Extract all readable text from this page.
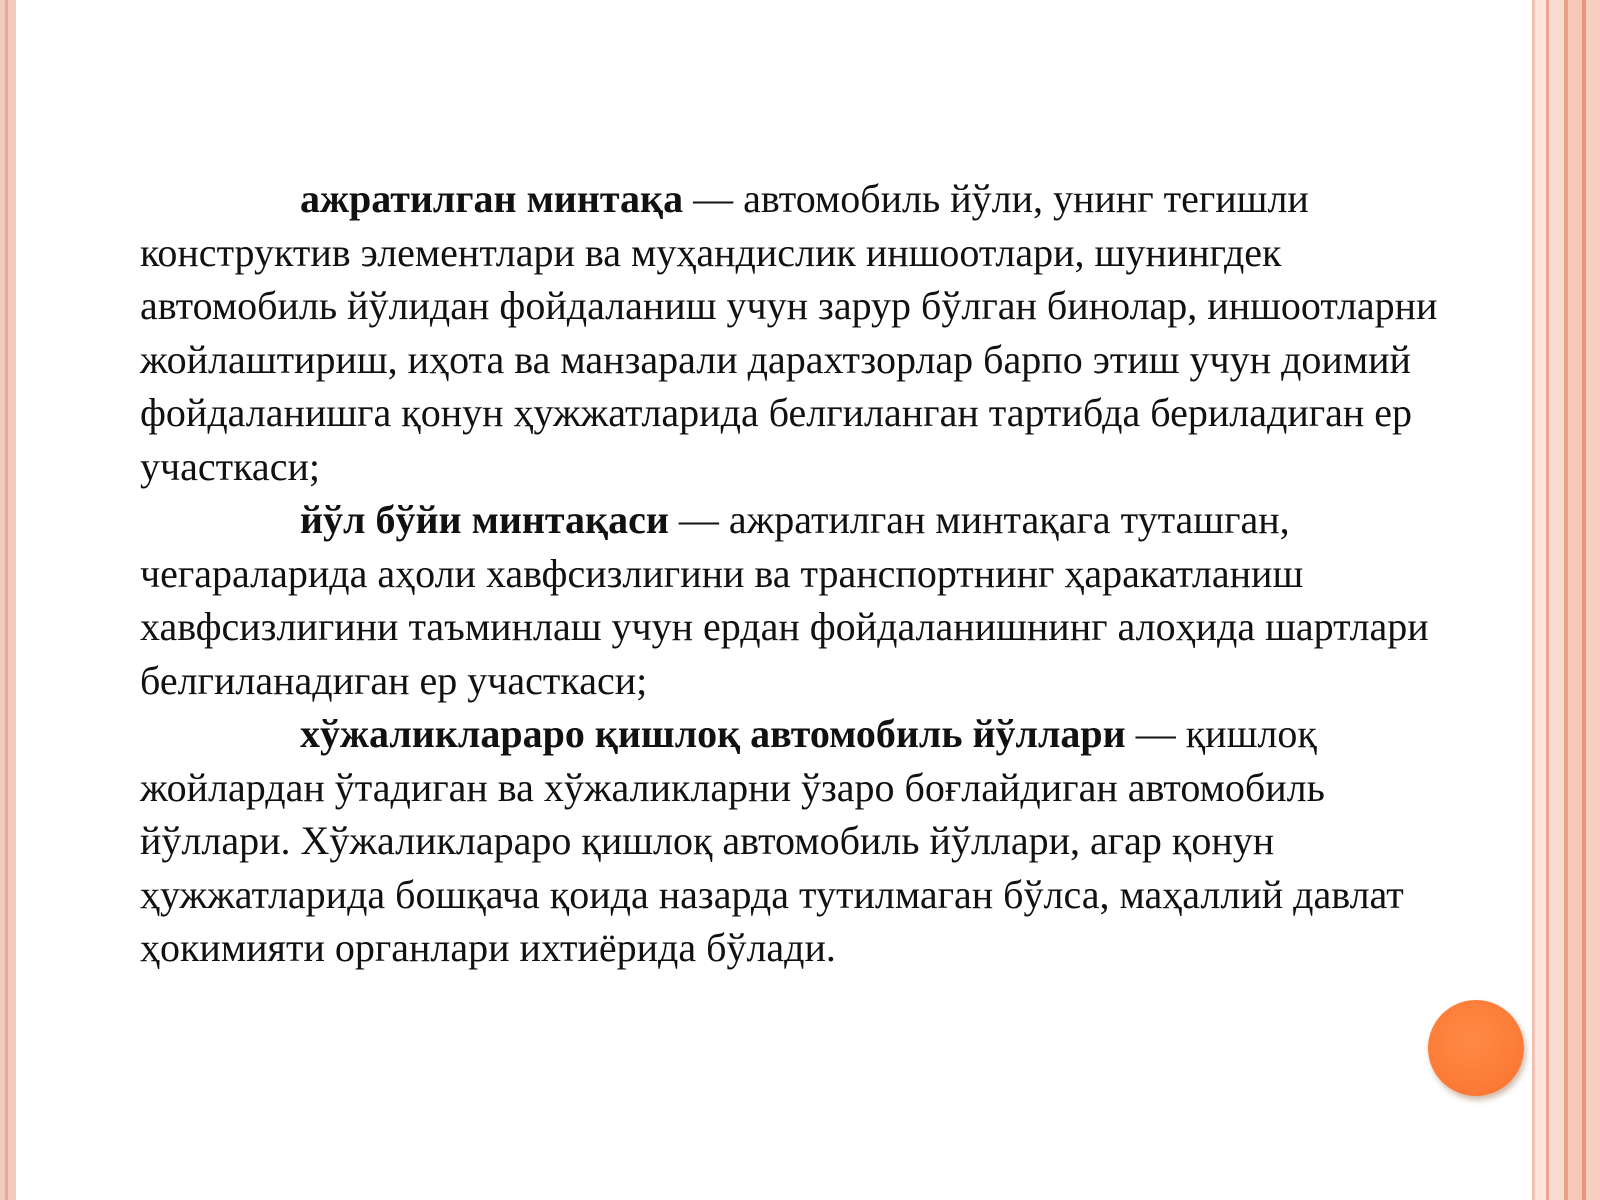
ажратилган минтақа — автомобиль йўли, унинг тегишли конструктив элементлари ва муҳандислик иншоотлари, шунингдек автомобиль йўлидан фойдаланиш учун зарур бўлган бинолар, иншоотларни жойлаштириш, иҳота ва манзарали дарахтзорлар барпо этиш учун доимий фойдаланишга қонун ҳужжатларида белгиланган тартибда бериладиган ер участкаси;

йўл бўйи минтақаси — ажратилган минтақага туташган, чегараларида аҳоли хавфсизлигини ва транспортнинг ҳаракатланиш хавфсизлигини таъминлаш учун ердан фойдаланишнинг алоҳида шартлари белгиланадиган ер участкаси;

хўжаликлараро қишлоқ автомобиль йўллари — қишлоқ жойлардан ўтадиган ва хўжаликларни ўзаро боғлайдиган автомобиль йўллари. Хўжаликлараро қишлоқ автомобиль йўллари, агар қонун ҳужжатларида бошқача қоида назарда тутилмаган бўлса, маҳаллий давлат ҳокимияти органлари ихтиёрида бўлади.
